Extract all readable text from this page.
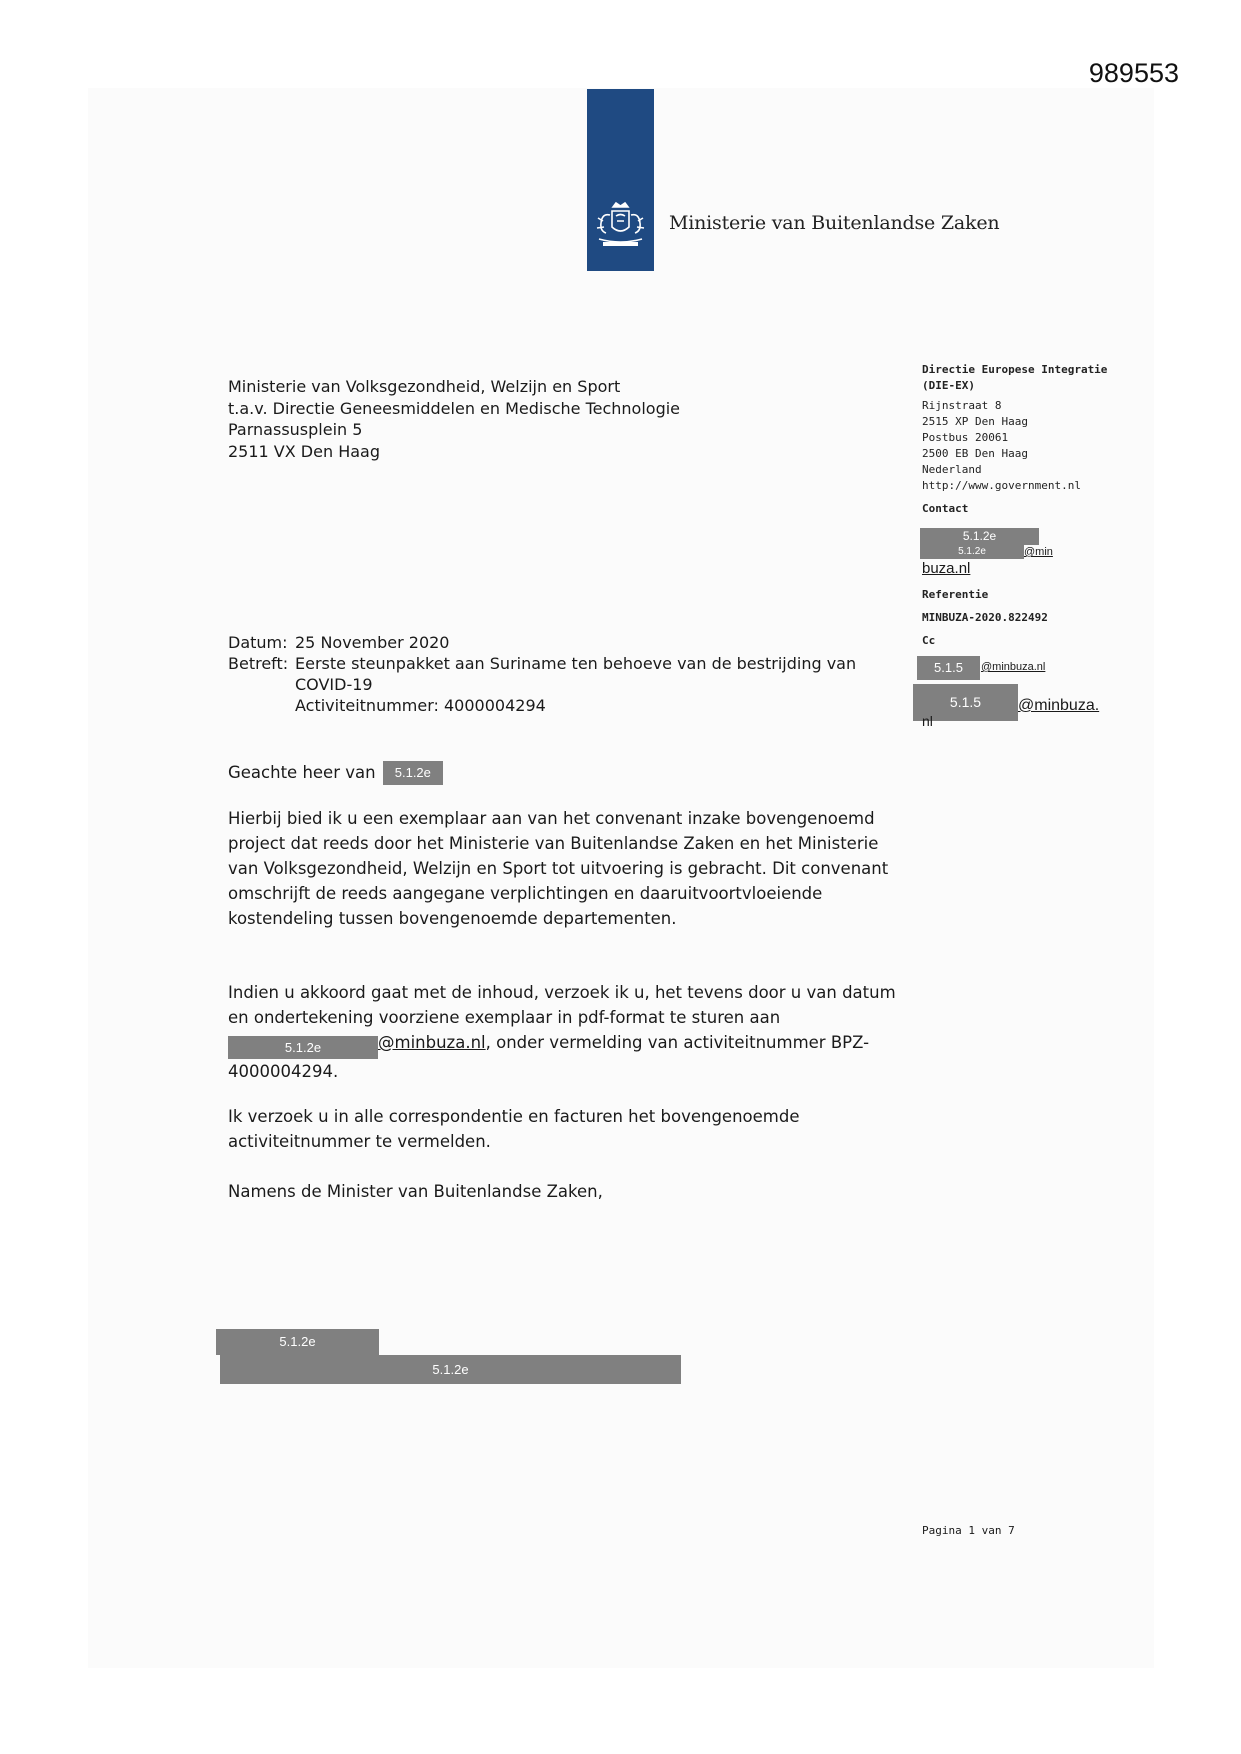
989553
Ministerie van Buitenlandse Zaken
Ministerie van Volksgezondheid, Welzijn en Sport
t.a.v. Directie Geneesmiddelen en Medische Technologie
Parnassusplein 5
2511 VX Den Haag
Directie Europese Integratie
(DIE-EX)
Rijnstraat 8
2515 XP Den Haag
Postbus 20061
2500 EB Den Haag
Nederland
http://www.government.nl
Contact
5.1.2e
5.1.2e	@min
buza.nl
Referentie
MINBUZA-2020.822492
Cc
5.1.5	@minbuza.nl
5.1.5	@minbuza.
nl
Datum: 25 November 2020
Betreft: Eerste steunpakket aan Suriname ten behoeve van de bestrijding van
COVID-19
Activiteitnummer: 4000004294
Geachte heer van 5.1.2e

Hierbij bied ik u een exemplaar aan van het convenant inzake bovengenoemd project dat reeds door het Ministerie van Buitenlandse Zaken en het Ministerie van Volksgezondheid, Welzijn en Sport tot uitvoering is gebracht. Dit convenant omschrijft de reeds aangegane verplichtingen en daaruitvoortvloeiende kostendeling tussen bovengenoemde departementen.

Indien u akkoord gaat met de inhoud, verzoek ik u, het tevens door u van datum en ondertekening voorziene exemplaar in pdf-format te sturen aan 5.1.2e	@minbuza.nl, onder vermelding van activiteitnummer BPZ-4000004294.

Ik verzoek u in alle correspondentie en facturen het bovengenoemde activiteitnummer te vermelden.

Namens de Minister van Buitenlandse Zaken,

5.1.2e
5.1.2e
Pagina 1 van 7
